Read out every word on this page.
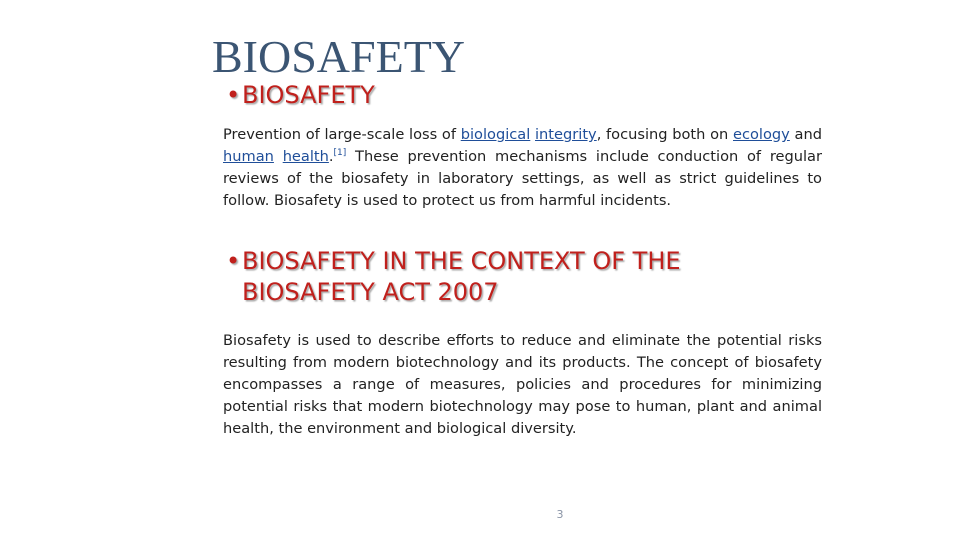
BIOSAFETY
•BIOSAFETY
Prevention of large-scale loss of biological integrity, focusing both on ecology and human health.[1] These prevention mechanisms include conduction of regular reviews of the biosafety in laboratory settings, as well as strict guidelines to follow. Biosafety is used to protect us from harmful incidents.
•BIOSAFETY IN THE CONTEXT OF THE
BIOSAFETY ACT 2007
Biosafety is used to describe efforts to reduce and eliminate the potential risks resulting from modern biotechnology and its products. The concept of biosafety encompasses a range of measures, policies and procedures for minimizing potential risks that modern biotechnology may pose to human, plant and animal health, the environment and biological diversity.
3
